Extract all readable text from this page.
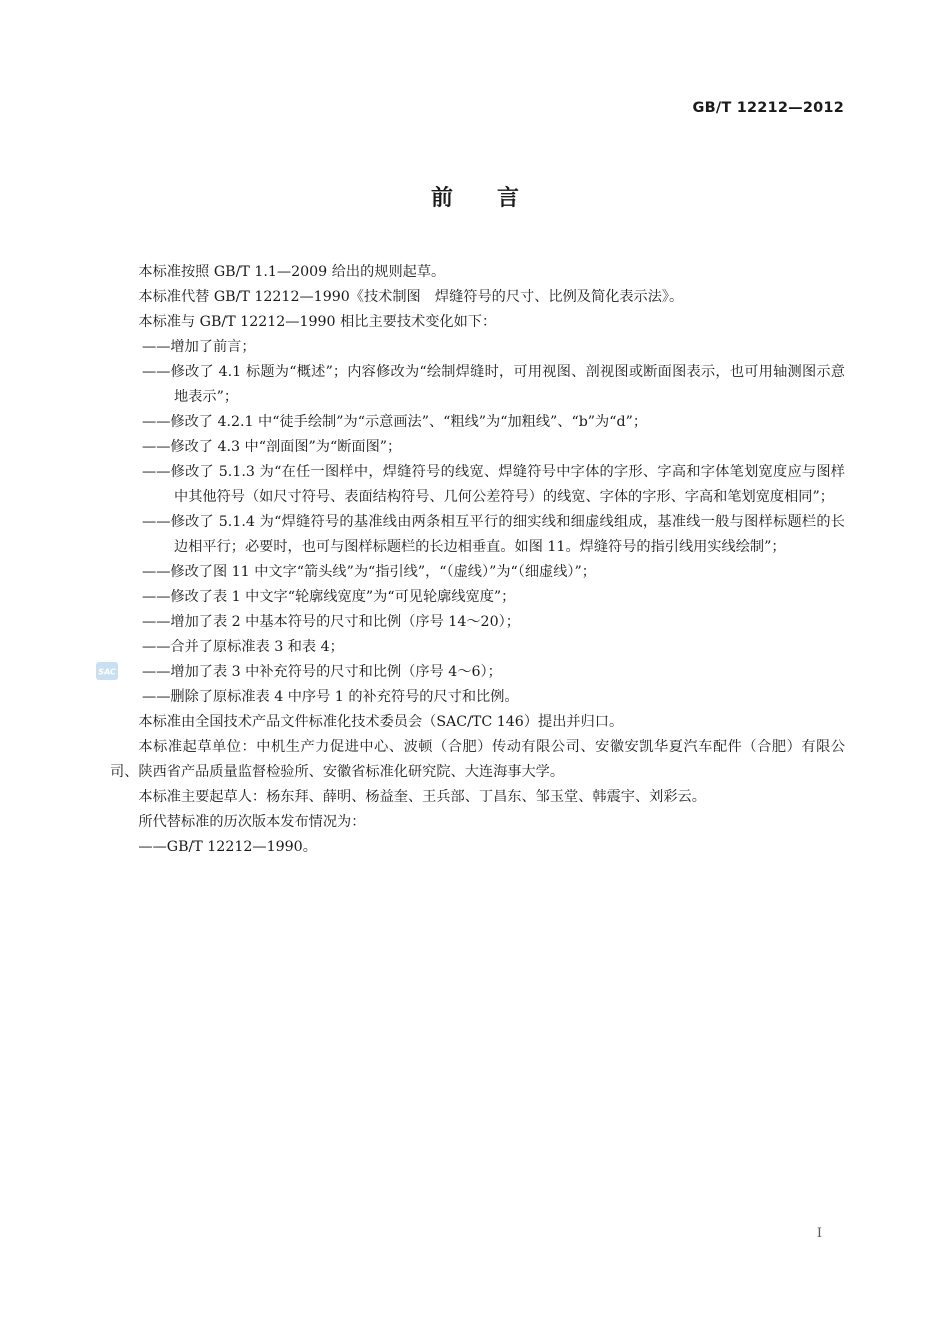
GB/T 12212—2012
前言
SAC

本标准按照 GB/T 1.1—2009 给出的规则起草。

本标准代替 GB/T 12212—1990《技术制图　焊缝符号的尺寸、比例及简化表示法》。

本标准与 GB/T 12212—1990 相比主要技术变化如下：

——增加了前言；

——修改了 4.1 标题为“概述”；内容修改为“绘制焊缝时，可用视图、剖视图或断面图表示，也可用轴测图示意地表示”；

——修改了 4.2.1 中“徒手绘制”为“示意画法”、“粗线”为“加粗线”、“b”为“d”；

——修改了 4.3 中“剖面图”为“断面图”；

——修改了 5.1.3 为“在任一图样中，焊缝符号的线宽、焊缝符号中字体的字形、字高和字体笔划宽度应与图样中其他符号（如尺寸符号、表面结构符号、几何公差符号）的线宽、字体的字形、字高和笔划宽度相同”；

——修改了 5.1.4 为“焊缝符号的基准线由两条相互平行的细实线和细虚线组成，基准线一般与图样标题栏的长边相平行；必要时，也可与图样标题栏的长边相垂直。如图 11。焊缝符号的指引线用实线绘制”；

——修改了图 11 中文字“箭头线”为“指引线”，“（虚线）”为“（细虚线）”；

——修改了表 1 中文字“轮廓线宽度”为“可见轮廓线宽度”；

——增加了表 2 中基本符号的尺寸和比例（序号 14～20）；

——合并了原标准表 3 和表 4；

——增加了表 3 中补充符号的尺寸和比例（序号 4～6）；

——删除了原标准表 4 中序号 1 的补充符号的尺寸和比例。

本标准由全国技术产品文件标准化技术委员会（SAC/TC 146）提出并归口。

本标准起草单位：中机生产力促进中心、波顿（合肥）传动有限公司、安徽安凯华夏汽车配件（合肥）有限公司、陕西省产品质量监督检验所、安徽省标准化研究院、大连海事大学。

本标准主要起草人：杨东拜、薛明、杨益奎、王兵部、丁昌东、邹玉堂、韩震宇、刘彩云。

所代替标准的历次版本发布情况为：

——GB/T 12212—1990。

I
